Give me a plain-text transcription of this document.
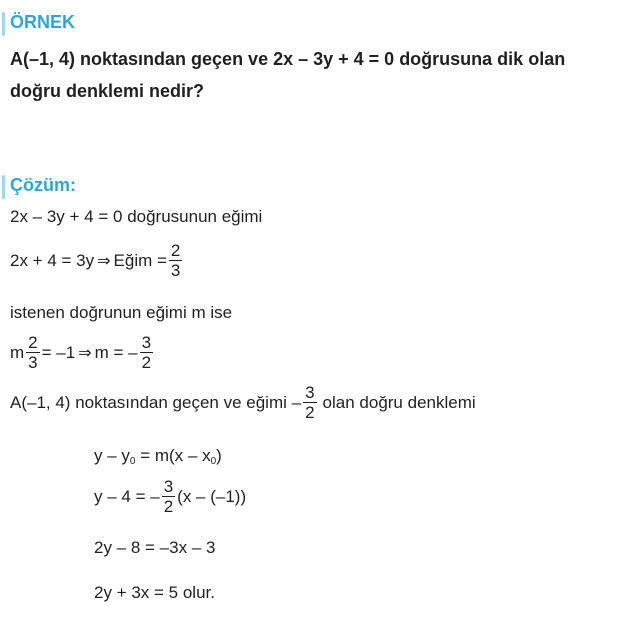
ÖRNEK
A(–1, 4) noktasından geçen ve 2x – 3y + 4 = 0 doğrusuna dik olan
doğru denklemi nedir?
Çözüm:
2x – 3y + 4 = 0 doğrusunun eğimi
2x + 4 = 3y ⇒ Eğim = $\frac{2}{3}$
istenen doğrunun eğimi m ise
m $\frac{2}{3} = -1$ ⇒ m = – $\frac{3}{2}$
A(–1, 4) noktasından geçen ve eğimi – $\frac{3}{2}$ olan doğru denklemi
$y - y_0 = m(x - x_0)$
y – 4 = – $\frac{3}{2} (x - (-1))$
2y – 8 = –3x – 3
2y + 3x = 5 olur.
